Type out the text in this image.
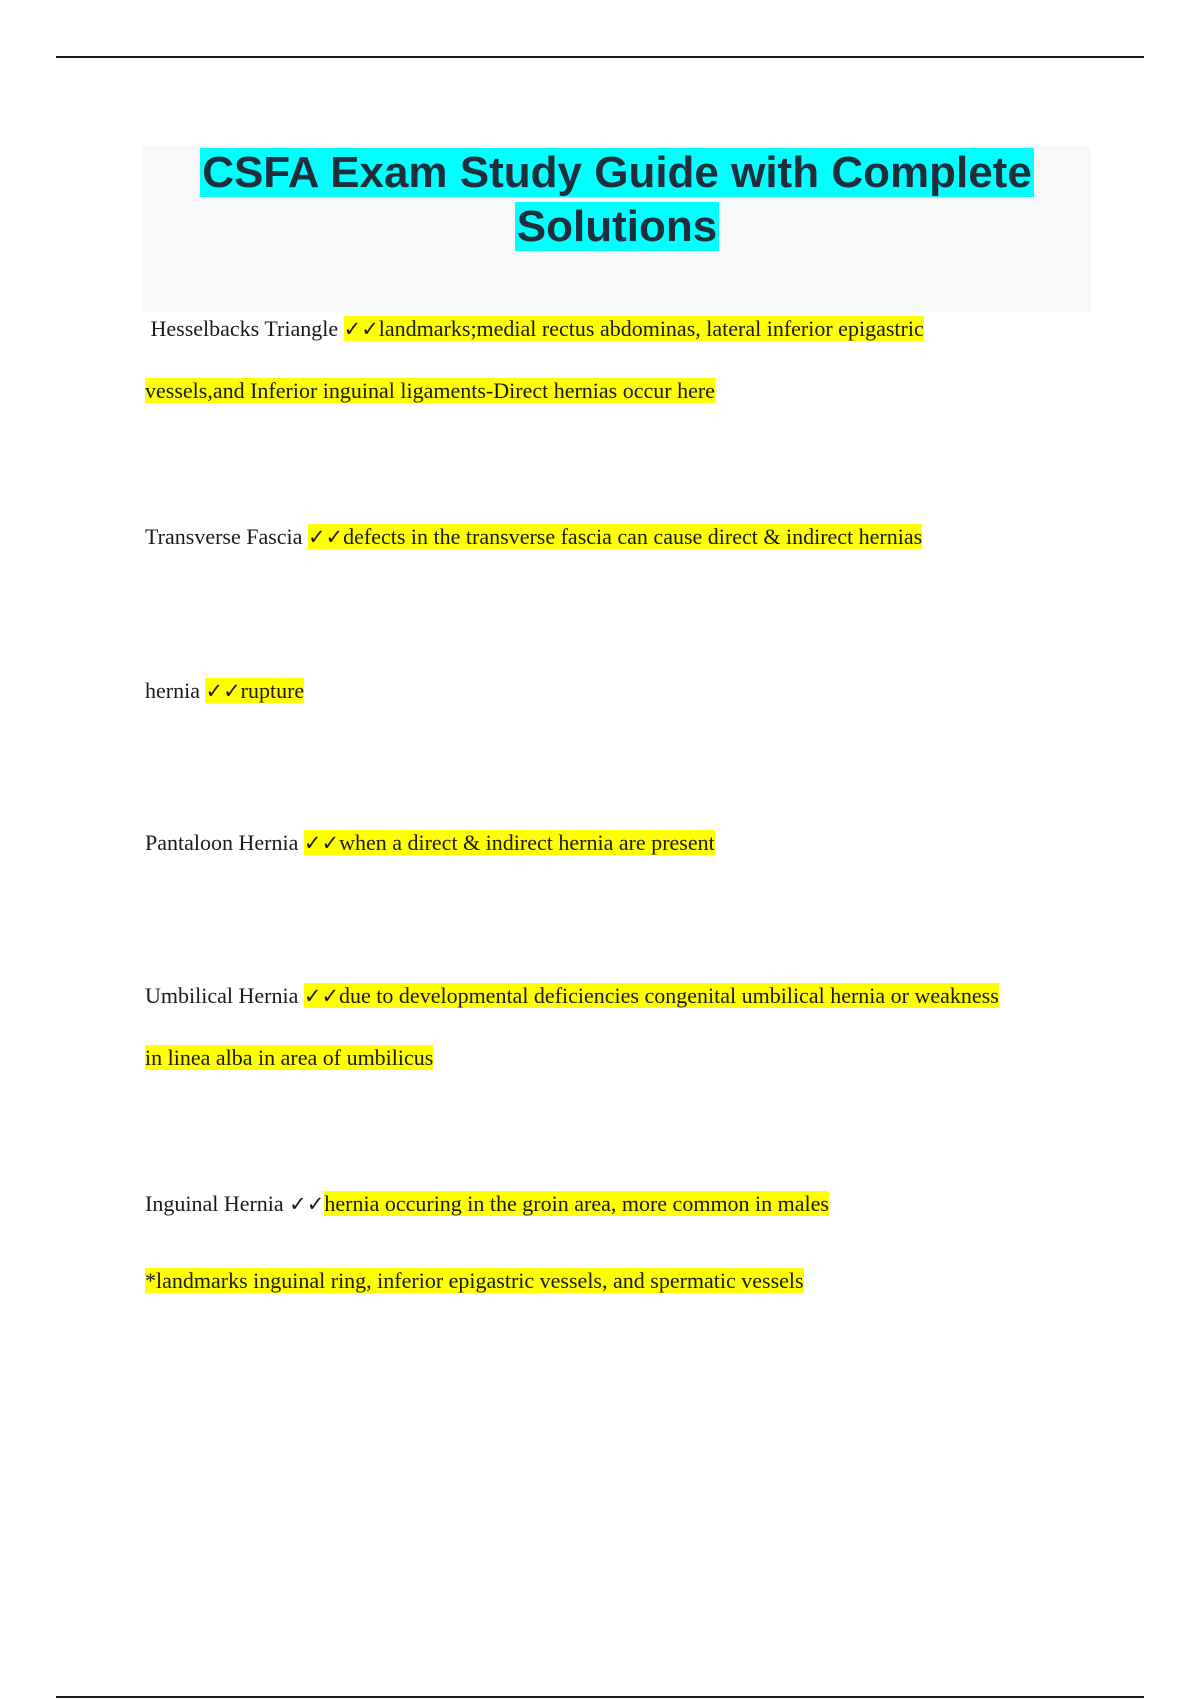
CSFA Exam Study Guide with Complete
Solutions

Hesselbacks Triangle ✓✓landmarks;medial rectus abdominas, lateral inferior epigastric
vessels,and Inferior inguinal ligaments-Direct hernias occur here

Transverse Fascia ✓✓defects in the transverse fascia can cause direct & indirect hernias

hernia ✓✓rupture

Pantaloon Hernia ✓✓when a direct & indirect hernia are present

Umbilical Hernia ✓✓due to developmental deficiencies congenital umbilical hernia or weakness
in linea alba in area of umbilicus

Inguinal Hernia ✓✓hernia occuring in the groin area, more common in males

*landmarks inguinal ring, inferior epigastric vessels, and spermatic vessels
